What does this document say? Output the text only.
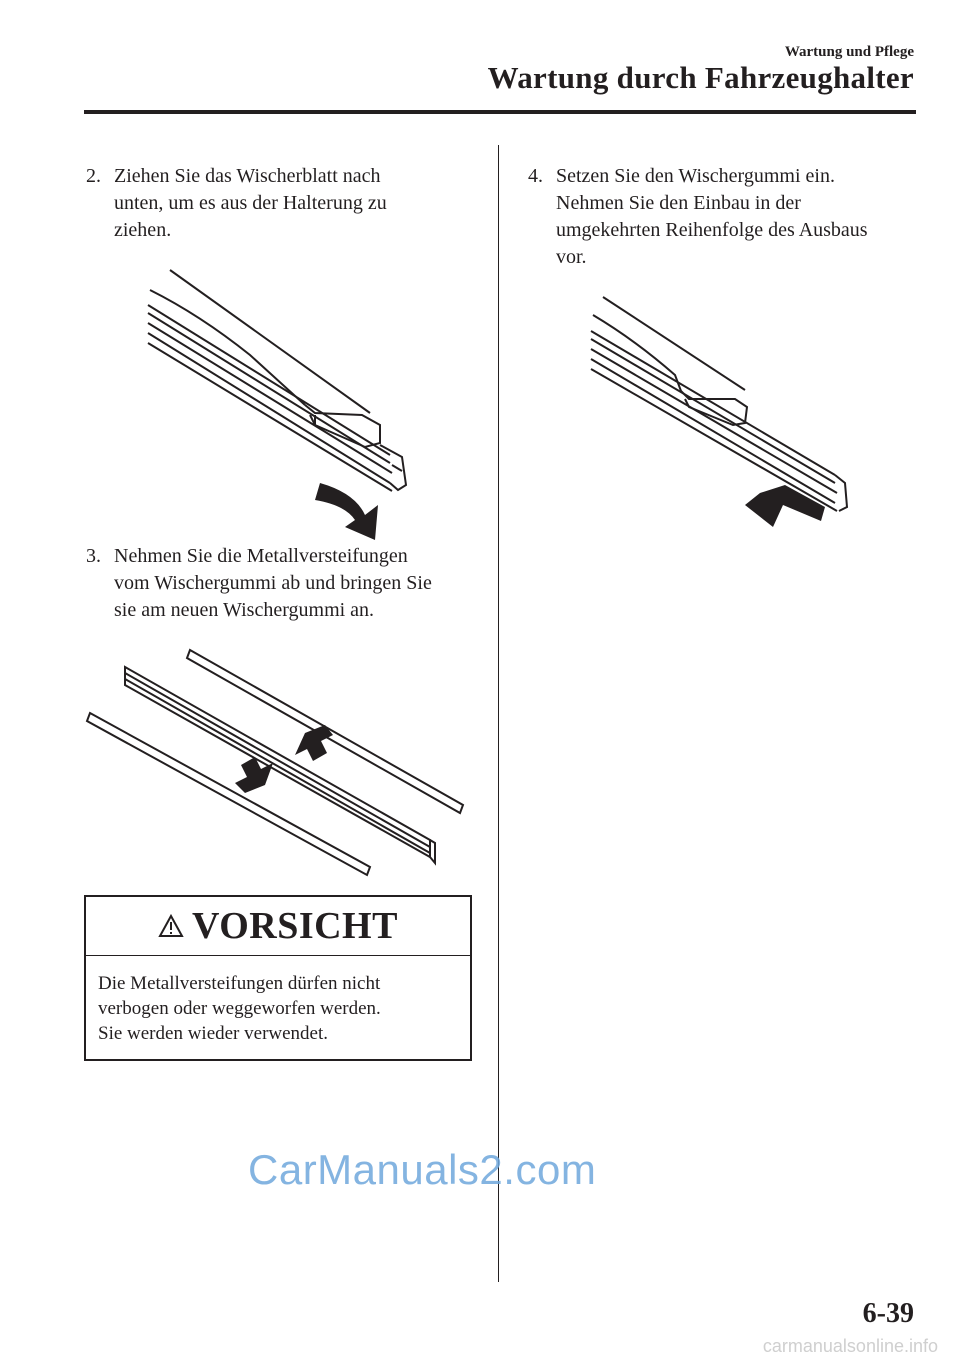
Wartung und Pflege
Wartung durch Fahrzeughalter
2. Ziehen Sie das Wischerblatt nach
unten, um es aus der Halterung zu
ziehen.
3. Nehmen Sie die Metallversteifungen
vom Wischergummi ab und bringen Sie
sie am neuen Wischergummi an.
VORSICHT
Die Metallversteifungen dürfen nicht
verbogen oder weggeworfen werden.
Sie werden wieder verwendet.
4. Setzen Sie den Wischergummi ein.
Nehmen Sie den Einbau in der
umgekehrten Reihenfolge des Ausbaus
vor.
CarManuals2.com
6-39
carmanualsonline.info
